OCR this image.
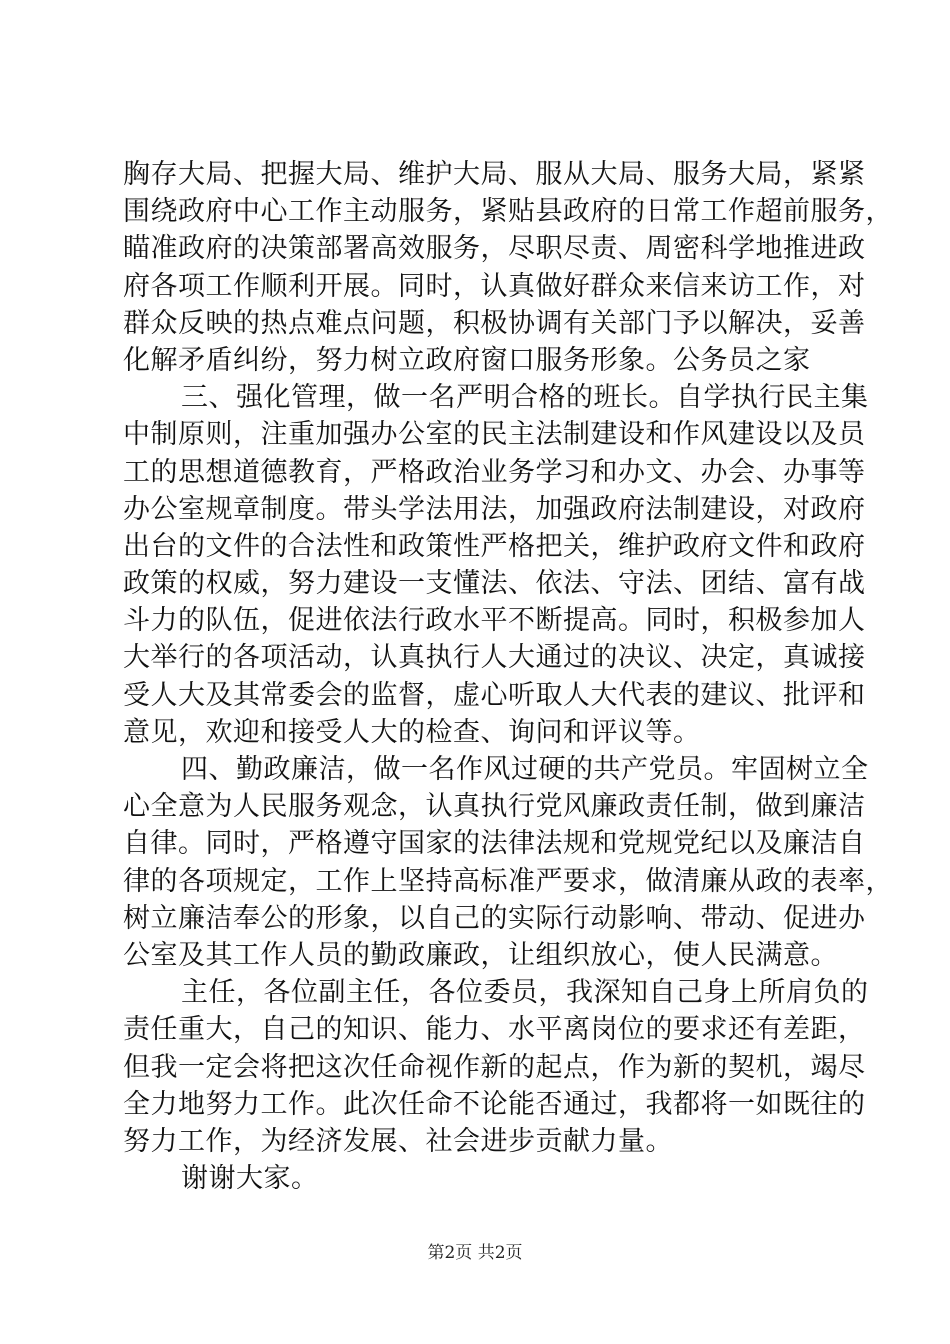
胸存大局、把握大局、维护大局、服从大局、服务大局，紧紧
围绕政府中心工作主动服务，紧贴县政府的日常工作超前服务，
瞄准政府的决策部署高效服务，尽职尽责、周密科学地推进政
府各项工作顺利开展。同时，认真做好群众来信来访工作，对
群众反映的热点难点问题，积极协调有关部门予以解决，妥善
化解矛盾纠纷，努力树立政府窗口服务形象。公务员之家
三、强化管理，做一名严明合格的班长。自学执行民主集
中制原则，注重加强办公室的民主法制建设和作风建设以及员
工的思想道德教育，严格政治业务学习和办文、办会、办事等
办公室规章制度。带头学法用法，加强政府法制建设，对政府
出台的文件的合法性和政策性严格把关，维护政府文件和政府
政策的权威，努力建设一支懂法、依法、守法、团结、富有战
斗力的队伍，促进依法行政水平不断提高。同时，积极参加人
大举行的各项活动，认真执行人大通过的决议、决定，真诚接
受人大及其常委会的监督，虚心听取人大代表的建议、批评和
意见，欢迎和接受人大的检查、询问和评议等。
四、勤政廉洁，做一名作风过硬的共产党员。牢固树立全
心全意为人民服务观念，认真执行党风廉政责任制，做到廉洁
自律。同时，严格遵守国家的法律法规和党规党纪以及廉洁自
律的各项规定，工作上坚持高标准严要求，做清廉从政的表率，
树立廉洁奉公的形象，以自己的实际行动影响、带动、促进办
公室及其工作人员的勤政廉政，让组织放心，使人民满意。
主任，各位副主任，各位委员，我深知自己身上所肩负的
责任重大，自己的知识、能力、水平离岗位的要求还有差距，
但我一定会将把这次任命视作新的起点，作为新的契机，竭尽
全力地努力工作。此次任命不论能否通过，我都将一如既往的
努力工作，为经济发展、社会进步贡献力量。
谢谢大家。
第2页 共2页
